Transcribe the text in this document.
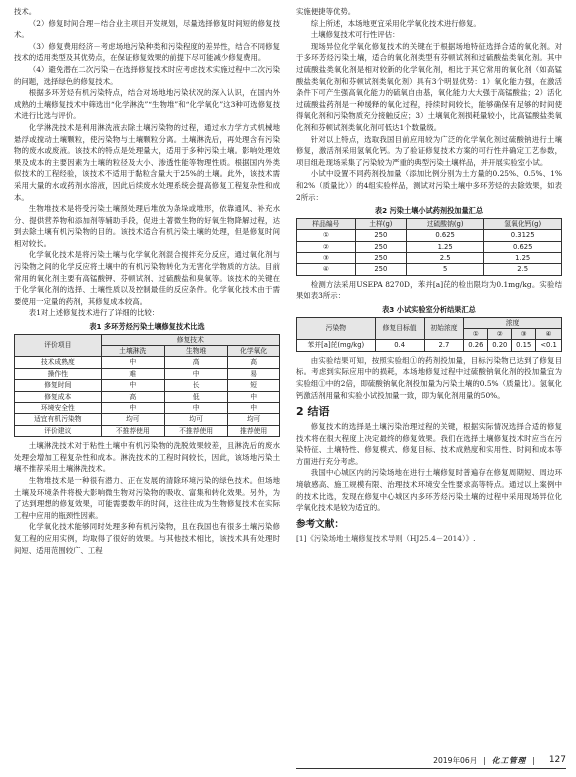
技术。

（2）修复时间合理－结合业主项目开发规划，尽量选择修复时间短的修复技术。

（3）修复费用经济－考虑场地污染种类和污染程度的差异性，结合不同修复技术的适用类型及其优势点，在保证修复效果的前提下尽可能减少修复费用。

（4）避免潜在二次污染－在选择修复技术时应考虑技术实施过程中二次污染的问题，选择绿色的修复技术。

根据多环芳烃有机污染特点，结合对场地地污染状况的深入认识，在国内外成熟的土壤修复技术中筛选出“化学淋洗”“生物堆”和“化学氧化”这3种可选修复技术进行比选与评价。

化学淋洗技术是利用淋洗液去除土壤污染物的过程，通过水力学方式机械地悬浮或搅动土壤颗粒，使污染物与土壤颗粒分离。土壤淋洗后，再处理含有污染物的废水或废液。该技术的特点是处理量大，适用于多种污染土壤。影响处理效果及成本的主要因素为土壤的粒径及大小、渗透性能等物理性质。根据国内外类似技术的工程经验，该技术不适用于黏粒含量大于25%的土壤。此外，该技术需采用大量的水或药剂水溶液，因此后续废水处理系统会提高修复工程复杂性和成本。

生物堆技术是将受污染土壤预处理后堆放为条垛或堆形，依靠通风、补充水分、提供营养物和添加剂等辅助手段，促进土著微生物的好氧生物降解过程，达到去除土壤有机污染物的目的。该技术适合有机污染土壤的处理，但是修复时间相对较长。

化学氧化技术是将污染土壤与化学氧化剂混合搅拌充分反应，通过氧化剂与污染物之间的化学反应将土壤中的有机污染物转化为无害化学物质的方法。目前常用的氧化剂主要有高锰酸钾、芬顿试剂、过硫酸盐和臭氧等。该技术的关键在于化学氧化剂的选择、土壤性质以及控制最佳的反应条件。化学氧化技术由于需要使用一定量的药剂，其修复成本较高。

表1对上述修复技术进行了详细的比较：

表1 多环芳烃污染土壤修复技术比选
评价项目	修复技术		
	土壤淋洗	生物堆	化学氧化
技术成熟度	中	高	高
操作性	难	中	易
修复时间	中	长	短
修复成本	高	低	中
环境安全性	中	中	中
适宜有机污染物	均可	均可	均可
评价建议	不推荐使用	不推荐使用	推荐使用

土壤淋洗技术对于粘性土壤中有机污染物的洗脱效果较差，且淋洗后的废水处理会增加工程复杂性和成本。淋洗技术的工程时间较长，因此，该场地污染土壤不推荐采用土壤淋洗技术。

生物堆技术是一种很有潜力、正在发展的清除环境污染的绿色技术。但场地土壤及环境条件将极大影响微生物对污染物的吸收、富集和转化效果。另外，为了达到理想的修复效果，可能需要数年的时间，这往往成为生物修复技术在实际工程中应用的瓶颈性因素。

化学氧化技术能够同时处理多种有机污染物，且在我国也有很多土壤污染修复工程的应用实例，均取得了很好的效果。与其他技术相比，该技术具有处理时间短、适用范围较广、工程

实施便捷等优势。

综上所述，本场地更宜采用化学氧化技术进行修复。

土壤修复技术可行性评估：

现场异位化学氧化修复技术的关键在于根据场地特征选择合适的氧化剂。对于多环芳烃污染土壤，适合的氧化剂类型有芬顿试剂和过硫酸盐类氧化剂。其中过硫酸盐类氧化剂是相对较新的化学氧化剂，相比于其它常用的氧化剂（如高锰酸盐类氧化剂和芬顿试剂类氧化剂）具有3个明显优势：1）氧化能力强，在激活条件下可产生强高氧化能力的硫氧自由基，氧化能力大大强于高锰酸盐；2）活化过硫酸盐药剂是一种缓释的氧化过程，持续时间较长，能够确保有足够的时间使得氧化剂和污染物质充分接触反应；3）土壤氧化剂损耗量较小，比高锰酸盐类氧化剂和芬顿试剂类氧化剂可低达1个数量级。

针对以上特点，选取我国目前应用较为广泛的化学氧化剂过硫酸钠进行土壤修复，激活剂采用氢氧化钙。为了验证修复技术方案的可行性并确定工艺参数，项目组赴现场采集了污染较为严重的典型污染土壤样品，并开展实验室小试。

小试中设置不同药剂投加量（添加比例分别为土方量的0.25%、0.5%、1%和2%（质量比））的4组实验样品，测试对污染土壤中多环芳烃的去除效果，如表2所示：

表2 污染土壤小试药剂投加量汇总
样品编号	土样(g)	过硫酸钠(g)	氢氧化钙(g)
①	250	0.625	0.3125
②	250	1.25	0.625
③	250	2.5	1.25
④	250	5	2.5

检测方法采用USEPA 8270D，苯并[a]芘的检出限均为0.1mg/kg。实验结果如表3所示：

表3 小试实验室分析结果汇总
污染物	修复目标值	初始浓度	浓度			
			①	②	③	④
苯并[a]芘(mg/kg)	0.4	2.7	0.26	0.20	0.15	<0.1

由实验结果可知，按照实验组①的药剂投加量，目标污染物已达到了修复目标。考虑到实际应用中的损耗，本场地修复过程中过硫酸钠氧化剂的投加量宜为实验组①中的2倍，即硫酸钠氧化剂投加量为污染土壤的0.5%（质量比）。氢氧化钙激活剂用量和实验小试投加量一致，即为氧化剂用量的50%。

2 结语

修复技术的选择是土壤污染治理过程的关键，根据实际情况选择合适的修复技术将在很大程度上决定最终的修复效果。我们在选择土壤修复技术时应当在污染特征、土壤特性、修复模式、修复目标、技术成熟度和实用性、时间和成本等方面进行充分考虑。

我国中心城区内的污染场地在进行土壤修复时普遍存在修复周期短、周边环境敏感高、施工规模有限、治理技术环境安全性要求高等特点。通过以上案例中的技术比选，发现在修复中心城区内多环芳烃污染土壤的过程中采用现场异位化学氧化技术是较为适宜的。

参考文献：

[1]《污染场地土壤修复技术导则（HJ25.4－2014）》.

2019年06月 | 化工管理 | 127
